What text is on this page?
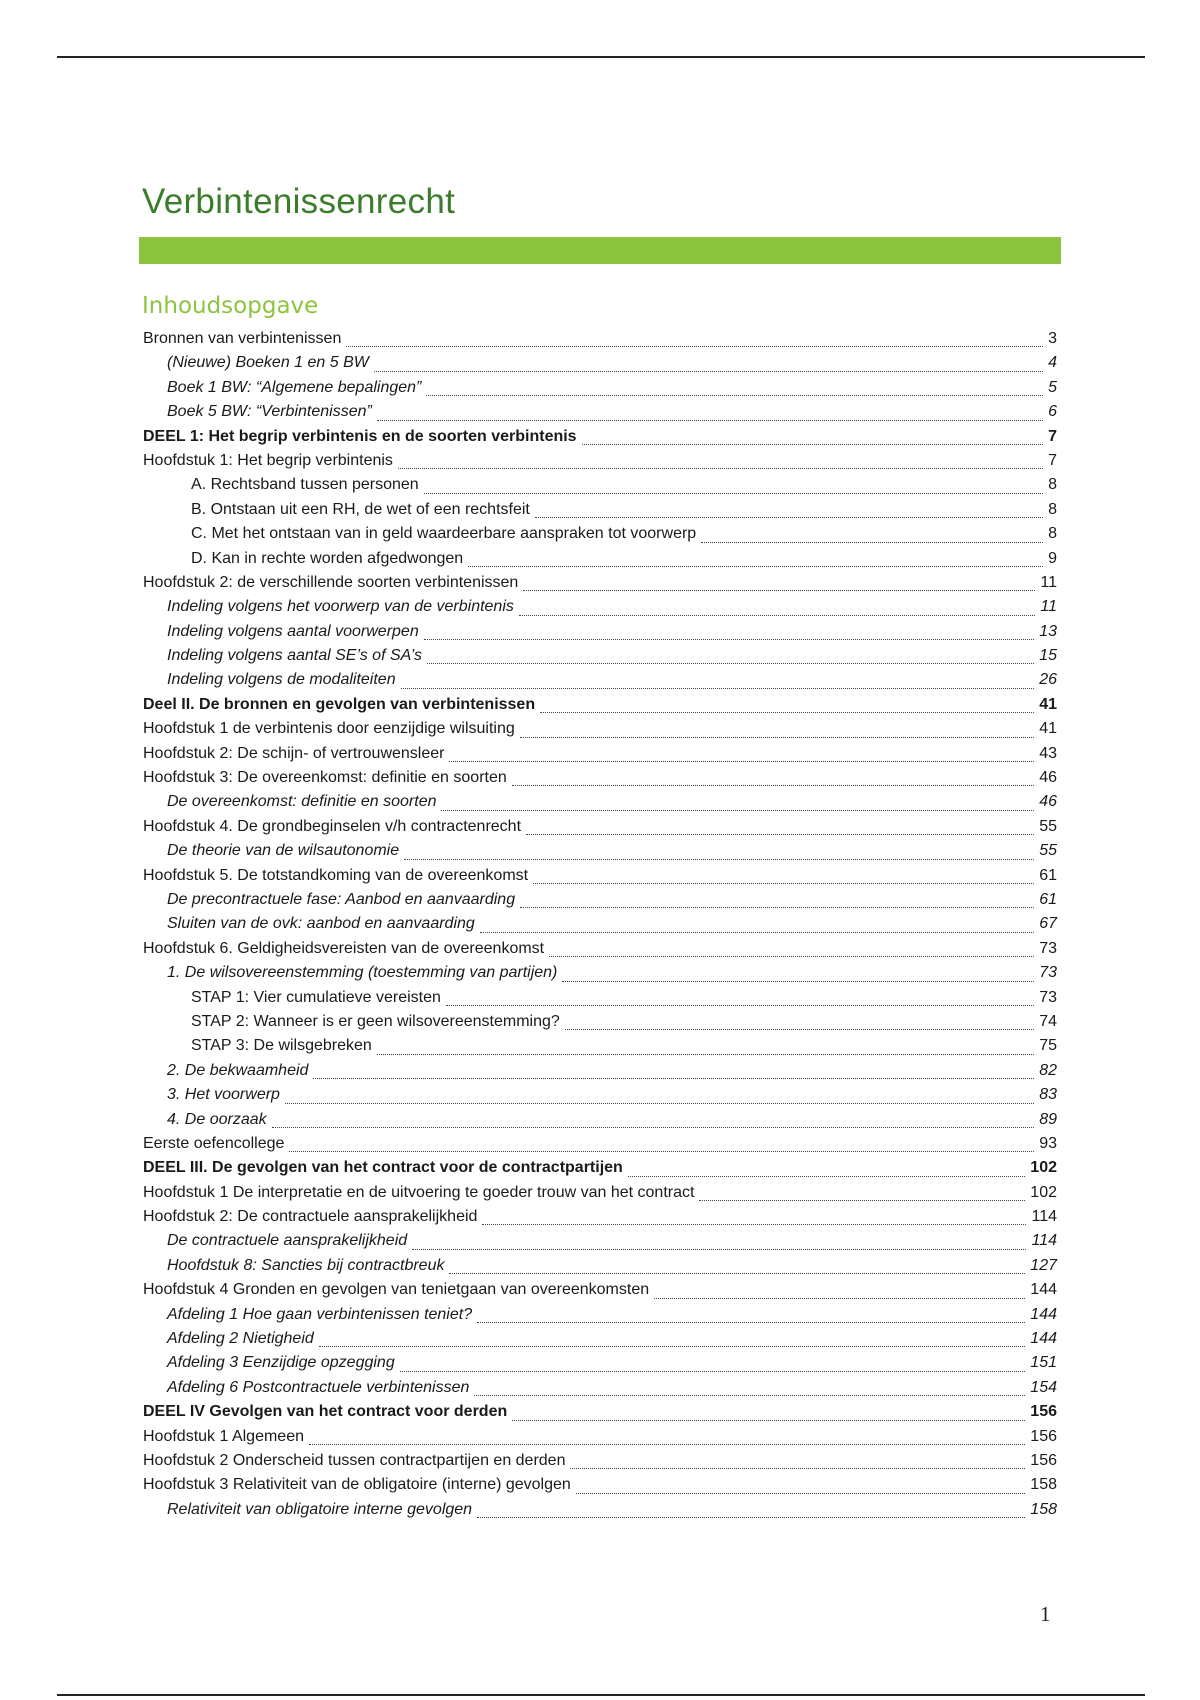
Verbintenissenrecht
Inhoudsopgave
Bronnen van verbintenissen	3
(Nieuwe) Boeken 1 en 5 BW	4
Boek 1 BW: “Algemene bepalingen”	5
Boek 5 BW: “Verbintenissen”	6
DEEL 1: Het begrip verbintenis en de soorten verbintenis	7
Hoofdstuk 1: Het begrip verbintenis	7
A. Rechtsband tussen personen	8
B. Ontstaan uit een RH, de wet of een rechtsfeit	8
C. Met het ontstaan van in geld waardeerbare aanspraken tot voorwerp	8
D. Kan in rechte worden afgedwongen	9
Hoofdstuk 2: de verschillende soorten verbintenissen	11
Indeling volgens het voorwerp van de verbintenis	11
Indeling volgens aantal voorwerpen	13
Indeling volgens aantal SE’s of SA’s	15
Indeling volgens de modaliteiten	26
Deel II. De bronnen en gevolgen van verbintenissen	41
Hoofdstuk 1 de verbintenis door eenzijdige wilsuiting	41
Hoofdstuk 2: De schijn- of vertrouwensleer	43
Hoofdstuk 3: De overeenkomst: definitie en soorten	46
De overeenkomst: definitie en soorten	46
Hoofdstuk 4. De grondbeginselen v/h contractenrecht	55
De theorie van de wilsautonomie	55
Hoofdstuk 5. De totstandkoming van de overeenkomst	61
De precontractuele fase: Aanbod en aanvaarding	61
Sluiten van de ovk: aanbod en aanvaarding	67
Hoofdstuk 6. Geldigheidsvereisten van de overeenkomst	73
1. De wilsovereenstemming (toestemming van partijen)	73
STAP 1: Vier cumulatieve vereisten	73
STAP 2: Wanneer is er geen wilsovereenstemming?	74
STAP 3: De wilsgebreken	75
2. De bekwaamheid	82
3. Het voorwerp	83
4. De oorzaak	89
Eerste oefencollege	93
DEEL III. De gevolgen van het contract voor de contractpartijen	102
Hoofdstuk 1 De interpretatie en de uitvoering te goeder trouw van het contract	102
Hoofdstuk 2: De contractuele aansprakelijkheid	114
De contractuele aansprakelijkheid	114
Hoofdstuk 8: Sancties bij contractbreuk	127
Hoofdstuk 4 Gronden en gevolgen van tenietgaan van overeenkomsten	144
Afdeling 1 Hoe gaan verbintenissen teniet?	144
Afdeling 2 Nietigheid	144
Afdeling 3 Eenzijdige opzegging	151
Afdeling 6 Postcontractuele verbintenissen	154
DEEL IV Gevolgen van het contract voor derden	156
Hoofdstuk 1 Algemeen	156
Hoofdstuk 2 Onderscheid tussen contractpartijen en derden	156
Hoofdstuk 3 Relativiteit van de obligatoire (interne) gevolgen	158
Relativiteit van obligatoire interne gevolgen	158
1
